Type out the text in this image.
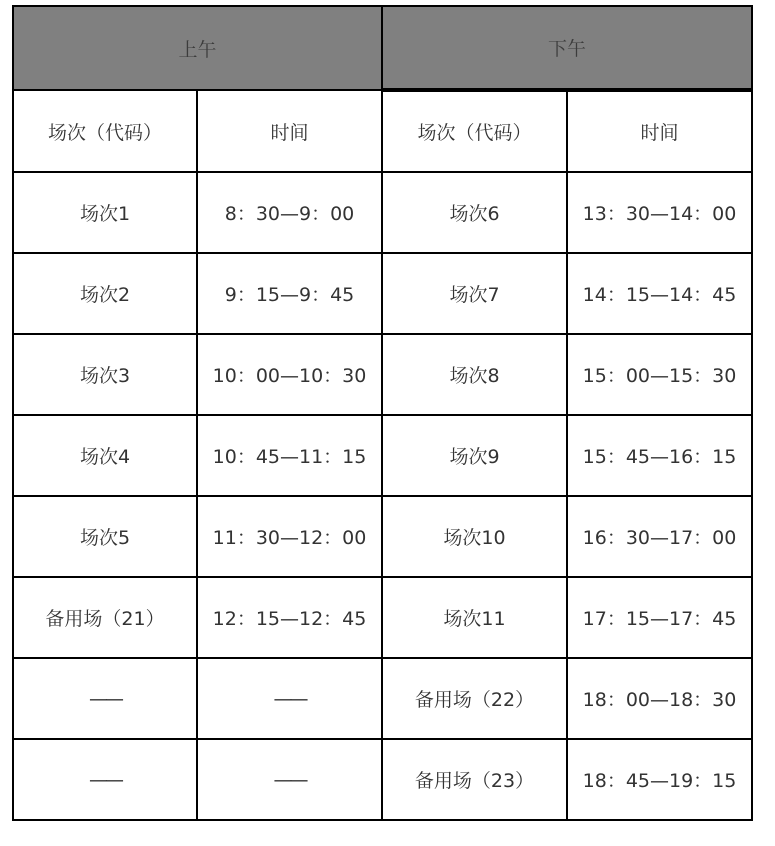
上午		下午	
场次（代码）	时间	场次（代码）	时间
场次1	8：30—9：00	场次6	13：30—14：00
场次2	9：15—9：45	场次7	14：15—14：45
场次3	10：00—10：30	场次8	15：00—15：30
场次4	10：45—11：15	场次9	15：45—16：15
场次5	11：30—12：00	场次10	16：30—17：00
备用场（21）	12：15—12：45	场次11	17：15—17：45
——	——	备用场（22）	18：00—18：30
——	——	备用场（23）	18：45—19：15
